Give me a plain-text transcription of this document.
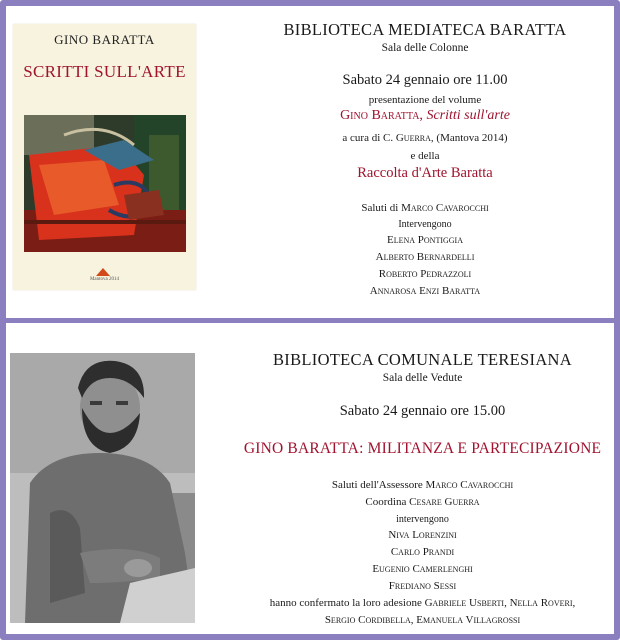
GINO BARATTA
SCRITTI SULL'ARTE
Mantova 2014
BIBLIOTECA MEDIATECA BARATTA
Sala delle Colonne
Sabato 24 gennaio ore 11.00
presentazione del volume
Gino Baratta, Scritti sull'arte
a cura di C. Guerra, (Mantova 2014)
e della
Raccolta d'Arte Baratta
Saluti di Marco Cavarocchi
Intervengono
Elena Pontiggia
Alberto Bernardelli
Roberto Pedrazzoli
Annarosa Enzi Baratta
BIBLIOTECA COMUNALE TERESIANA
Sala delle Vedute
Sabato 24 gennaio ore 15.00
GINO BARATTA: MILITANZA E PARTECIPAZIONE
Saluti dell'Assessore Marco Cavarocchi
Coordina Cesare Guerra
intervengono
Niva Lorenzini
Carlo Prandi
Eugenio Camerlenghi
Frediano Sessi
hanno confermato la loro adesione Gabriele Usberti, Nella Roveri,
Sergio Cordibella, Emanuela Villagrossi
